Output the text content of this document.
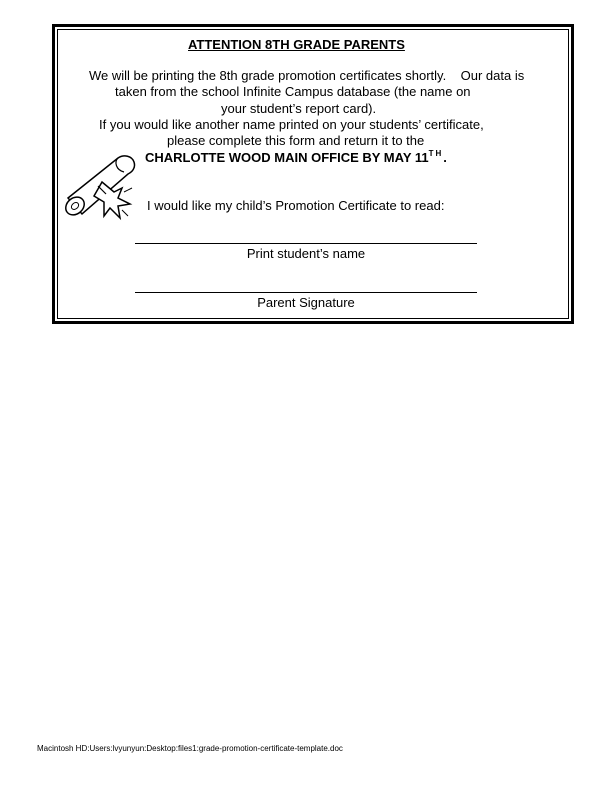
ATTENTION 8TH GRADE PARENTS
We will be printing the 8th grade promotion certificates shortly.    Our data is
taken from the school Infinite Campus database (the name on
your student’s report card).
If you would like another name printed on your students’ certificate,
please complete this form and return it to the
CHARLOTTE WOOD MAIN OFFICE BY MAY 11TH.
I would like my child’s Promotion Certificate to read:
Print student’s name
Parent Signature
Macintosh HD:Users:lvyunyun:Desktop:files1:grade-promotion-certificate-template.doc
